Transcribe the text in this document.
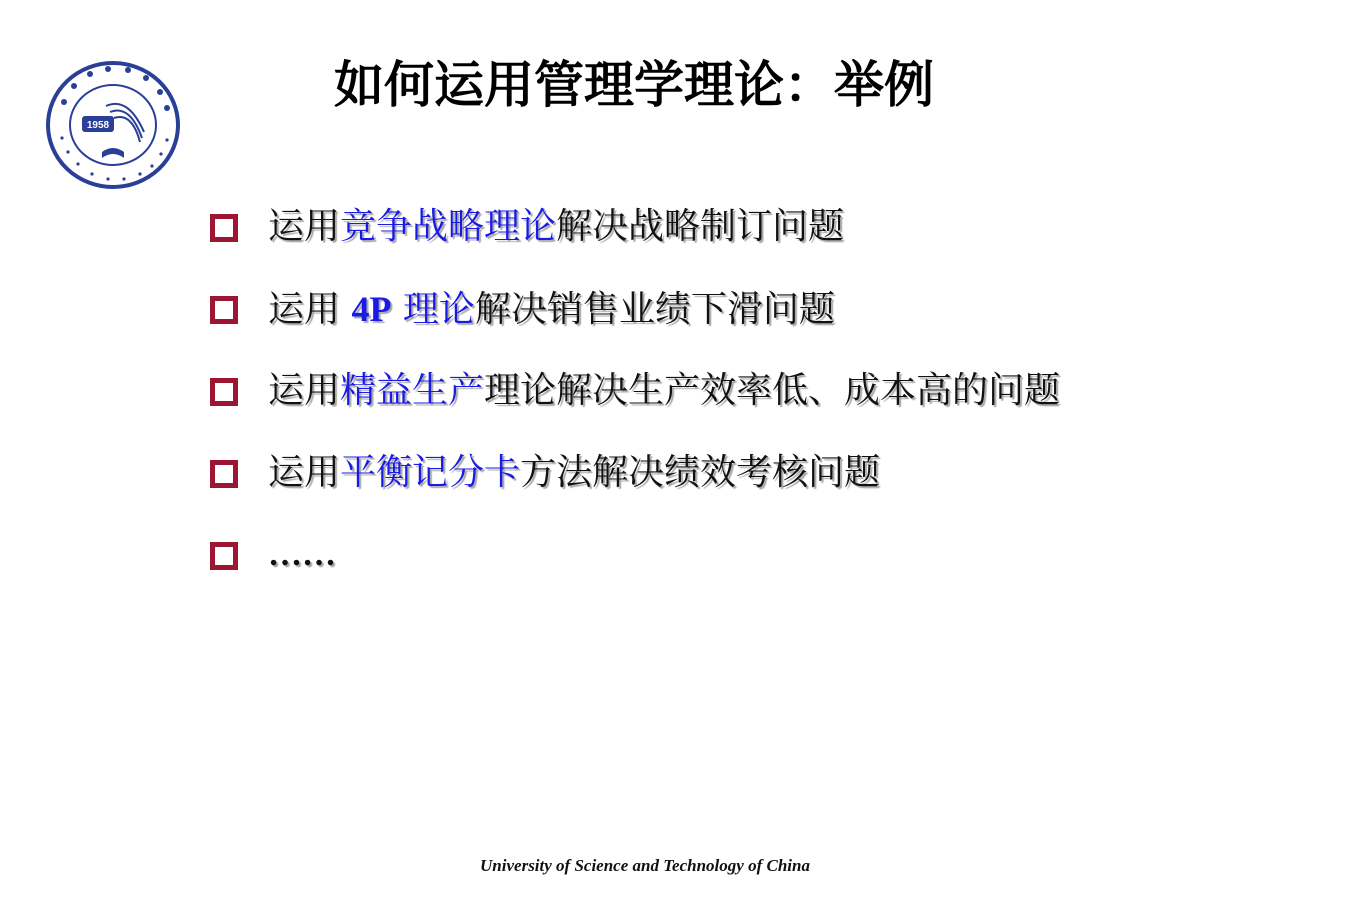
1958
如何运用管理学理论：举例
运用竞争战略理论解决战略制订问题
运用 4P 理论解决销售业绩下滑问题
运用精益生产理论解决生产效率低、成本高的问题
运用平衡记分卡方法解决绩效考核问题
……
University of Science and Technology of China
